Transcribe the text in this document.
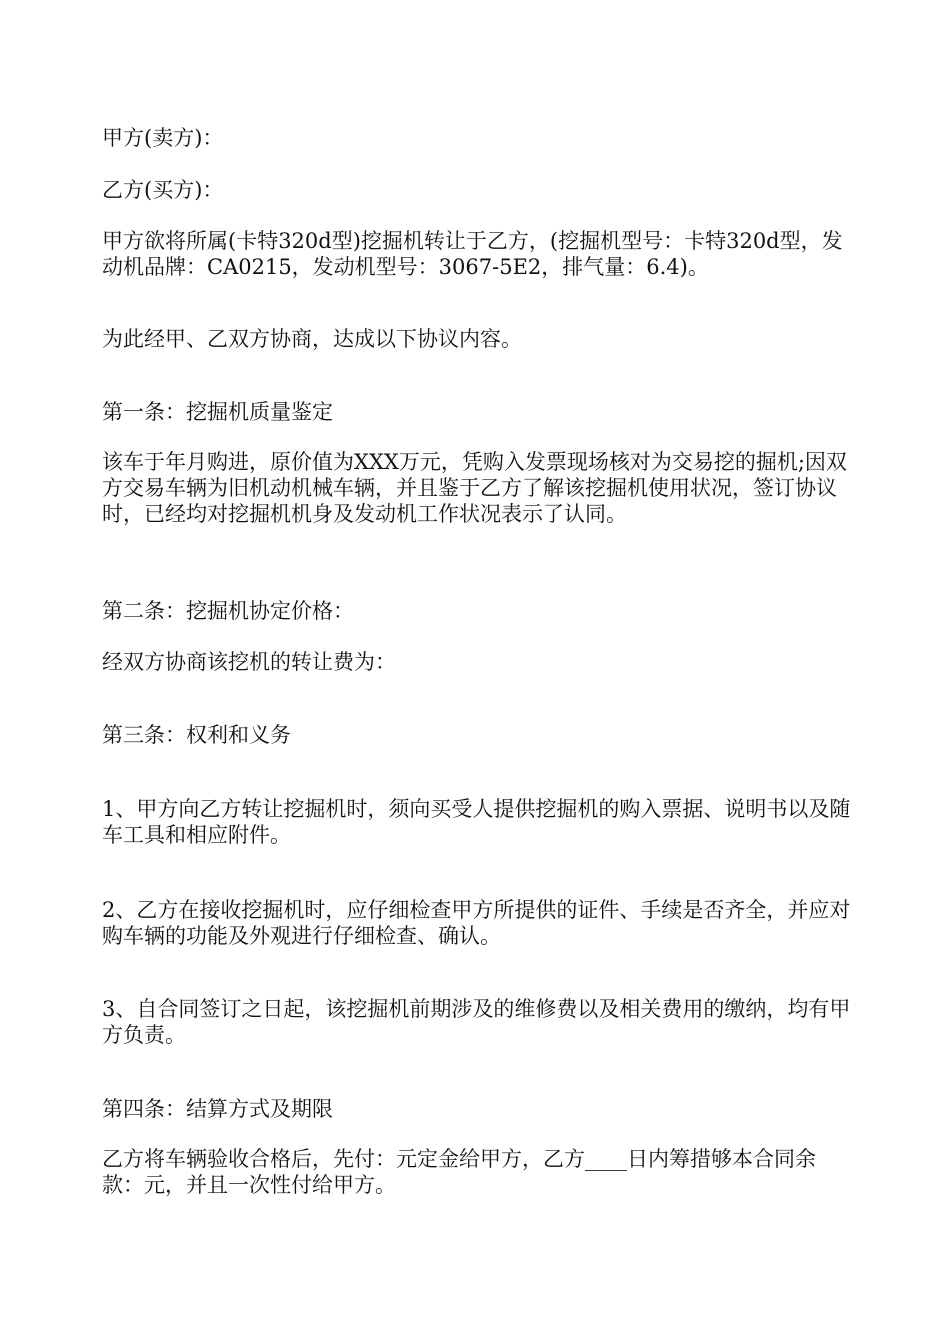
甲方(卖方)：

乙方(买方)：

甲方欲将所属(卡特320d型)挖掘机转让于乙方，(挖掘机型号：卡特320d型，发动机品牌：CA0215，发动机型号：3067-5E2，排气量：6.4)。

为此经甲、乙双方协商，达成以下协议内容。

第一条：挖掘机质量鉴定

该车于年月购进，原价值为XXX万元，凭购入发票现场核对为交易挖的掘机;因双方交易车辆为旧机动机械车辆，并且鉴于乙方了解该挖掘机使用状况，签订协议时，已经均对挖掘机机身及发动机工作状况表示了认同。

第二条：挖掘机协定价格：

经双方协商该挖机的转让费为：

第三条：权利和义务

1、甲方向乙方转让挖掘机时，须向买受人提供挖掘机的购入票据、说明书以及随车工具和相应附件。

2、乙方在接收挖掘机时，应仔细检查甲方所提供的证件、手续是否齐全，并应对购车辆的功能及外观进行仔细检查、确认。

3、自合同签订之日起，该挖掘机前期涉及的维修费以及相关费用的缴纳，均有甲方负责。

第四条：结算方式及期限

乙方将车辆验收合格后，先付：元定金给甲方，乙方____日内筹措够本合同余款：元，并且一次性付给甲方。
